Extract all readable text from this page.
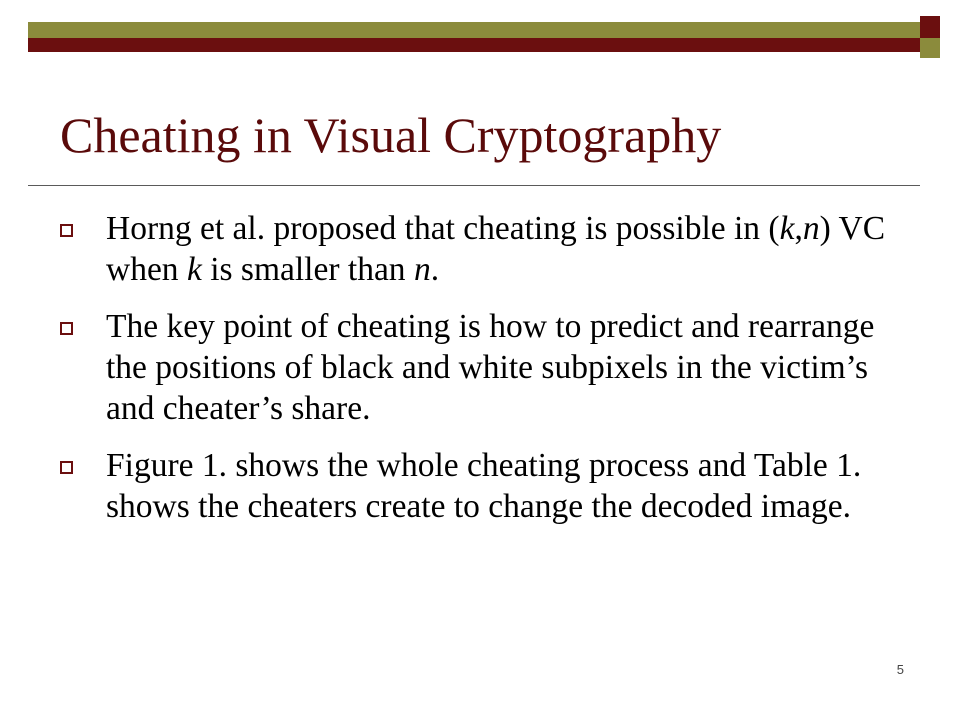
Cheating in Visual Cryptography
Horng et al. proposed that cheating is possible in (k,n) VC when k is smaller than n.
The key point of cheating is how to predict and rearrange the positions of black and white subpixels in the victim’s and cheater’s share.
Figure 1. shows the whole cheating process and Table 1. shows the cheaters create to change the decoded image.
5
